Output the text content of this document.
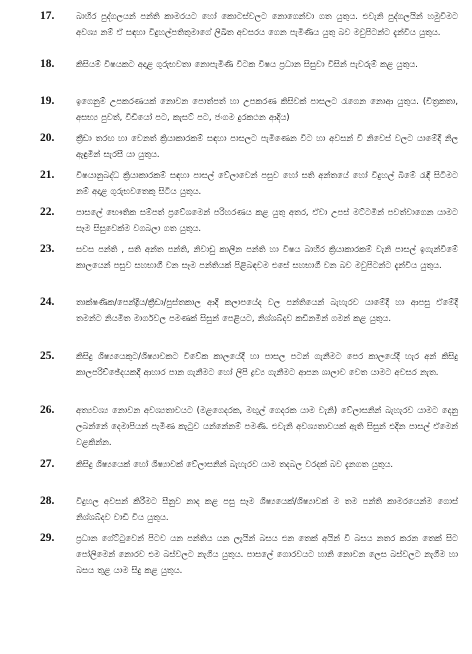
17.	බාහිර පුද්ගලයන් පන්ති කාමරයට හෝ කොටස්වලට නොගෙන්වා ගත යුතුය. එවැනි පුද්ගලයින් හමුවීමට අවශ්‍ය නම් ඒ සඳහා විදුහල්පතිතුමාගේ ලිඛිත අවසරය ගෙන පැමිණිය යුතු බව මවුපිටන්ට දැන්විය යුතුය.
18.	කිසියම් විෂයකට අදාළ ගුරුභවතා නොපැමිණි විටක විෂය ප්‍රධාන සිසුවා විසින් පැවරුම් කළ යුතුය.
19.	ඉගෙනුම් උපකරණයක් නොවන පොත්පත් හා උපකරණ කිසිවක් පාසලට රැගෙන නොආ යුතුය. (චිත්‍රකතා, අසභ්‍ය පුවත්, වීඩියෝ පට, කැසට් පට, ජංගම දුරකථන ආදිය)
20.	ක්‍රීඩා තරඟ හා වෙනත් ක්‍රියාකාරකම් සඳහා පාසලට පැමිණෙන විට හා අවසන් වී නිවෙස් වලට යාමේදී නිල ඇඳුමින් සැරසී යා යුතුය.
21.	විෂයානුබද්ධ ක්‍රියාකාරකම් සඳහා පාසල් වේලාවෙන් පසුව හෝ සති අන්තයේ හෝ විදුහල් බිමේ රැඳී සිටීමට නම් අදාළ ගුරුභවතෙකු සිටිය යුතුය.
22.	පාසලේ භෞතික සම්පත් ප්‍රවේශමෙන් පරිහරණය කළ යුතු අතර, ඒවා උපස් මට්ටමින් පවත්වාගෙන යාමට සෑම සිසුවෙක්ම වගබලා ගත යුතුය.
23.	සවස පන්ති , සති අන්ත පන්ති, නිවාඩු කාලීන පන්ති හා විෂය බාහිර ක්‍රියාකාරකම් වැනි පාසල් ඉගැන්වීමේ කාලයෙන් පසුව සහභාගී වන සෑම පන්තියක් පිළිබඳවම එසේ සහභාගී වන බව මවුපිටන්ට දැන්විය යුතුය.
24.	තාක්ෂණික/පෙන්ද්‍රිය/ක්‍රීඩා/පුස්තකාල ආදී කලාපයේද වල පන්තියෙන් බැහැරව යාමේදී හා ආපසු ඒමේදී තමන්ට නියමිත මාර්ගවල පමණක් සිසුන් පෙළියට, නිශ්ශබ්දව කඩිනමින් ගමන් කළ යුතුය.
25.	කිසිදු ශිෂ්‍යයෙකුට/ශිෂ්‍යාවකට විවේක කාලයේදී හා පාසල පටන් ගැනීමට පෙර කාලයේදී හැර අන් කිසිදු කාලපරිච්ඡේදයකදී ආහාර පාන ගැනීමට හෝ ලිපි ද්‍රව්‍ය ගැනීමට ආපන ශාලාව වෙත යාමට අවසර නැත.
26.	අත්‍යවශ්‍ය නොවන අවශ්‍යතාවයට (මළගෙදරක, මඟුල් ගෙදරක යාම වැනි) වේලාසනින් බැහැරව යාමට දෙනු ලබන්නේ දෙමාපියන් පැමිණ කැටුව යන්නේනම් පමණි. එවැනි අවශ්‍යතාවයක් ඇති සිසුන් එදින පාසල් ඒමෙන් වළකින්න.
27.	කිසිදු ශිෂ්‍යයෙක් හෝ ශිෂ්‍යාවක් වේලාසනින් බැහැරව යාම තදබල වරදක් බව දැනගත යුතුය.
28.	විදුහල අවසන් කිරීමට සීනුව නාද කළ පසු සෑම ශිෂ්‍යයෙක්/ශිෂ්‍යාවක් ම තම පන්ති කාමරයෙන්ම ගොස් නිශ්ශබ්දව වාඩි විය යුතුය.
29.	ප්‍රධාන ගේට්ටුවෙන් පිටව යන පන්තිය යන ලැයින් බසය එන තෙක් අයින් වී බසය නතර කරන තෙක් සිට පෝලිමෙන් නොරව එම බස්වලට නැගිය යුතුය. පාසලේ ගොරවයට හානි නොවන ලෙස බස්වලට නැගීම හා බසය තුළ යාම සිදු කළ යුතුය.
